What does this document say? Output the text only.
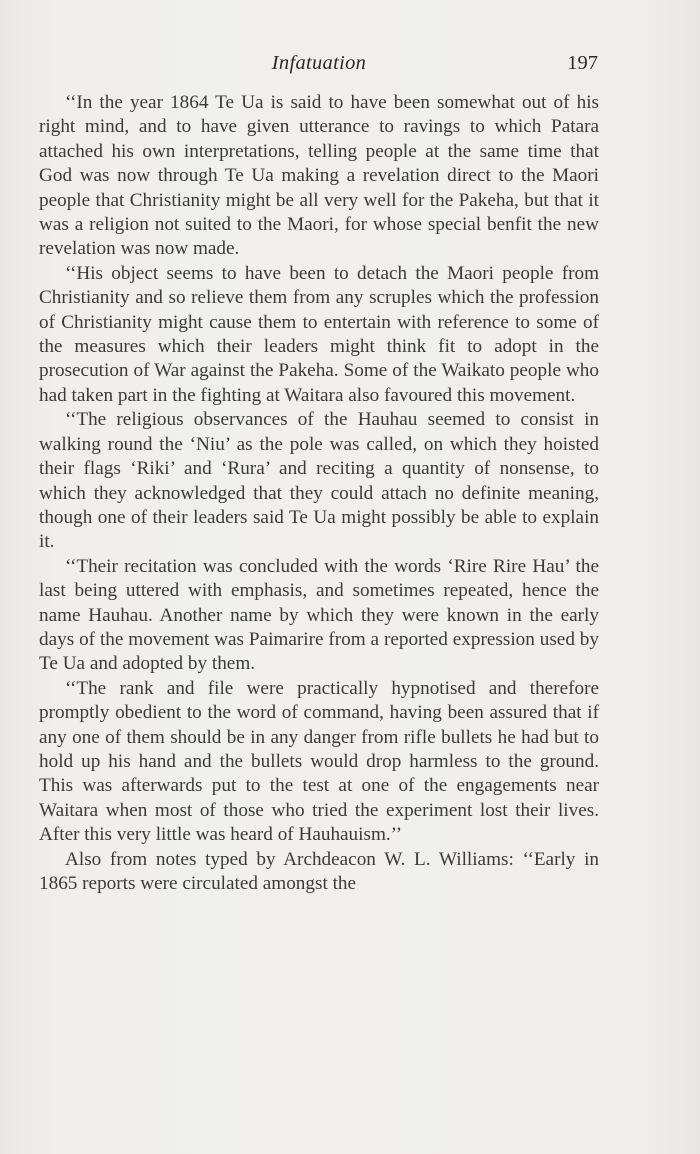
Infatuation	197

‘‘In the year 1864 Te Ua is said to have been somewhat out of his right mind, and to have given utterance to ravings to which Patara attached his own interpretations, telling people at the same time that God was now through Te Ua making a revelation direct to the Maori people that Christianity might be all very well for the Pakeha, but that it was a religion not suited to the Maori, for whose special benfit the new revelation was now made.

‘‘His object seems to have been to detach the Maori people from Christianity and so relieve them from any scruples which the profession of Christianity might cause them to entertain with reference to some of the measures which their leaders might think fit to adopt in the prosecution of War against the Pakeha. Some of the Waikato people who had taken part in the fighting at Waitara also favoured this movement.

‘‘The religious observances of the Hauhau seemed to consist in walking round the ‘Niu’ as the pole was called, on which they hoisted their flags ‘Riki’ and ‘Rura’ and reciting a quantity of nonsense, to which they acknowledged that they could attach no definite meaning, though one of their leaders said Te Ua might possibly be able to explain it.

‘‘Their recitation was concluded with the words ‘Rire Rire Hau’ the last being uttered with emphasis, and sometimes repeated, hence the name Hauhau. Another name by which they were known in the early days of the movement was Paimarire from a reported expression used by Te Ua and adopted by them.

‘‘The rank and file were practically hypnotised and therefore promptly obedient to the word of command, having been assured that if any one of them should be in any danger from rifle bullets he had but to hold up his hand and the bullets would drop harmless to the ground. This was afterwards put to the test at one of the engagements near Waitara when most of those who tried the experiment lost their lives. After this very little was heard of Hauhauism.’’

Also from notes typed by Archdeacon W. L. Williams: ‘‘Early in 1865 reports were circulated amongst the
